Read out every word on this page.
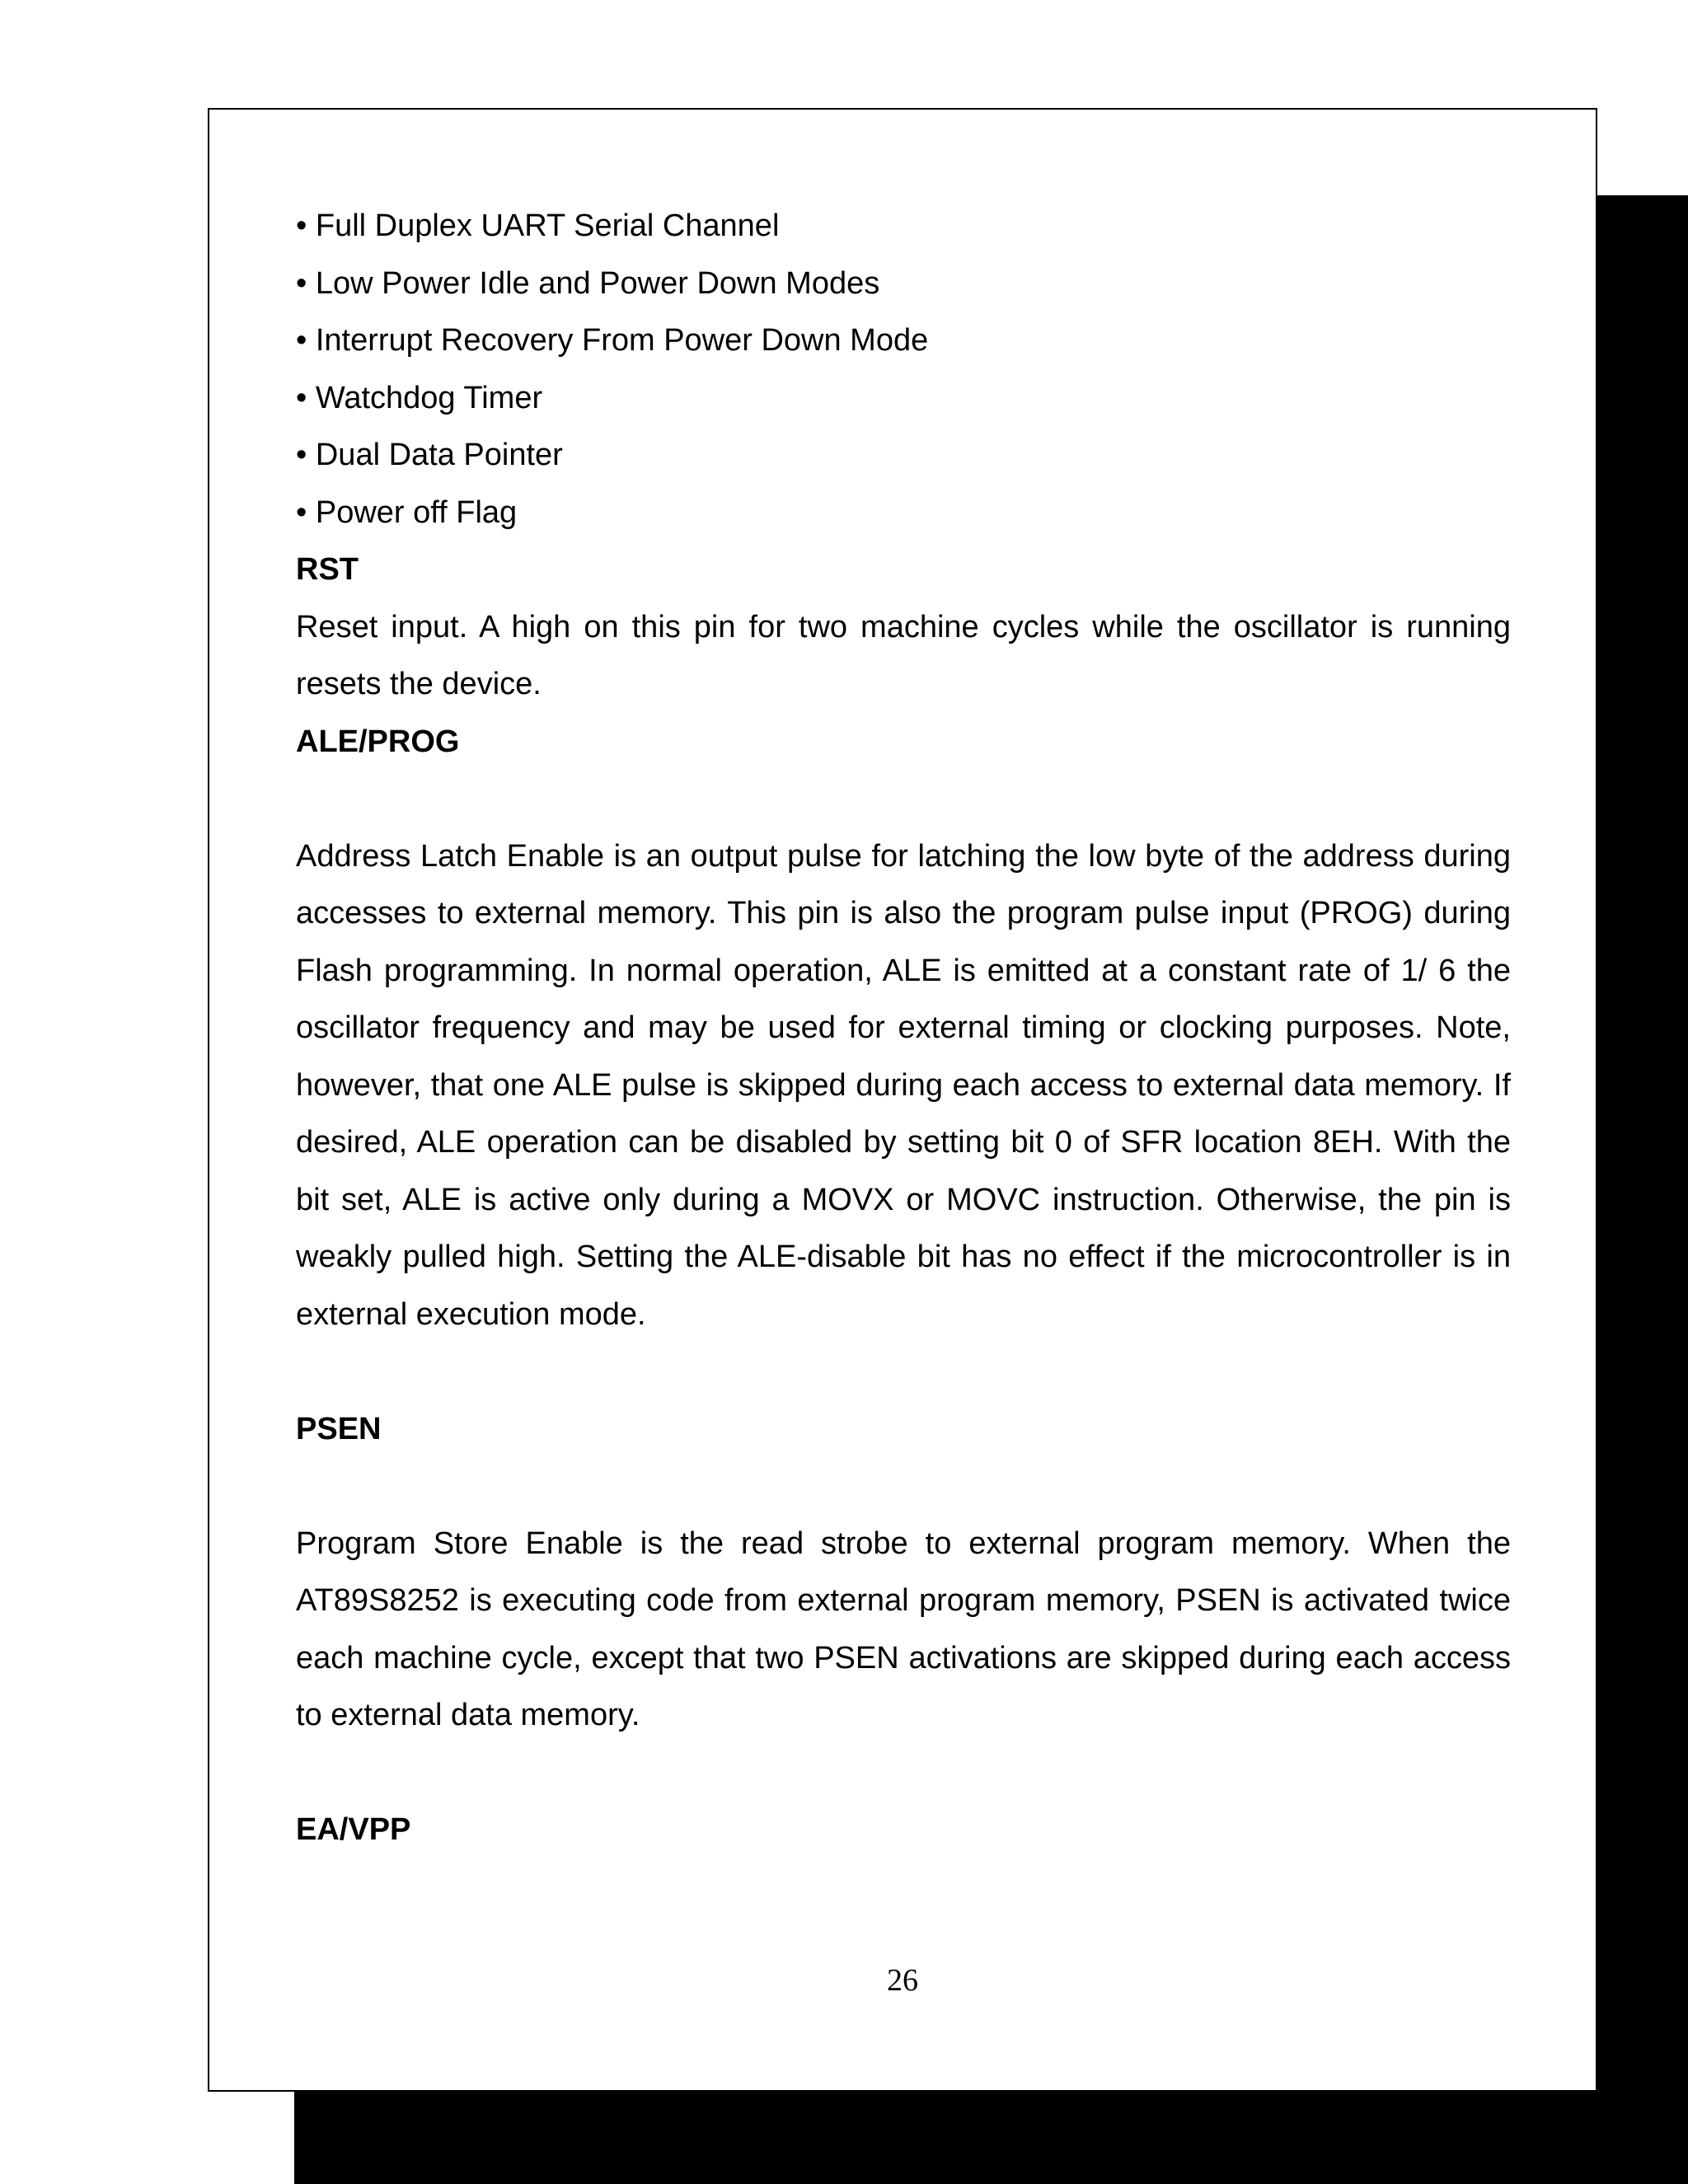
• Full Duplex UART Serial Channel
• Low Power Idle and Power Down Modes
• Interrupt Recovery From Power Down Mode
• Watchdog Timer
• Dual Data Pointer
• Power off Flag
RST

Reset input. A high on this pin for two machine cycles while the oscillator is running resets the device.

ALE/PROG

Address Latch Enable is an output pulse for latching the low byte of the address during accesses to external memory. This pin is also the program pulse input (PROG) during Flash programming. In normal operation, ALE is emitted at a constant rate of 1/ 6 the oscillator frequency and may be used for external timing or clocking purposes. Note, however, that one ALE pulse is skipped during each access to external data memory. If desired, ALE operation can be disabled by setting bit 0 of SFR location 8EH. With the bit set, ALE is active only during a MOVX or MOVC instruction. Otherwise, the pin is weakly pulled high. Setting the ALE-disable bit has no effect if the microcontroller is in external execution mode.

PSEN

Program Store Enable is the read strobe to external program memory. When the AT89S8252 is executing code from external program memory, PSEN is activated twice each machine cycle, except that two PSEN activations are skipped during each access to external data memory.

EA/VPP
26
